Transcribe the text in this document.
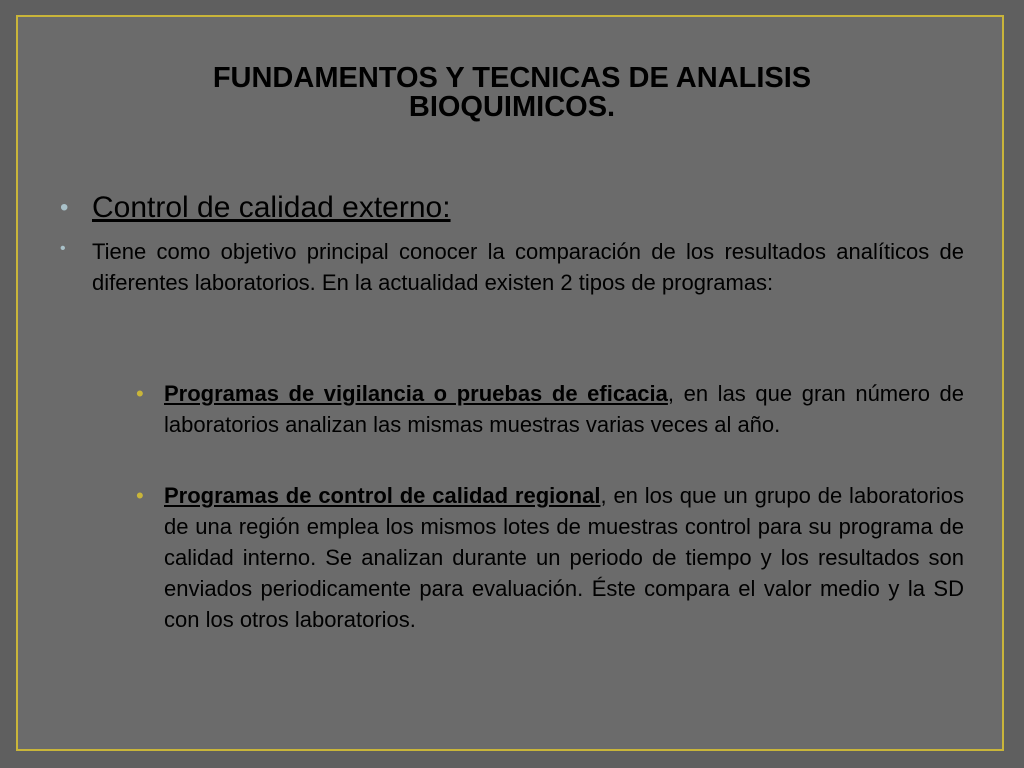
FUNDAMENTOS Y TECNICAS DE ANALISIS
BIOQUIMICOS.
• Control de calidad externo:
• Tiene como objetivo principal conocer la comparación de los resultados analíticos de diferentes laboratorios. En la actualidad existen 2 tipos de programas:
• Programas de vigilancia o pruebas de eficacia, en las que gran número de laboratorios analizan las mismas muestras varias veces al año.
• Programas de control de calidad regional, en los que un grupo de laboratorios de una región emplea los mismos lotes de muestras control para su programa de calidad interno. Se analizan durante un periodo de tiempo y los resultados son enviados periodicamente para evaluación. Éste compara el valor medio y la SD con los otros laboratorios.
